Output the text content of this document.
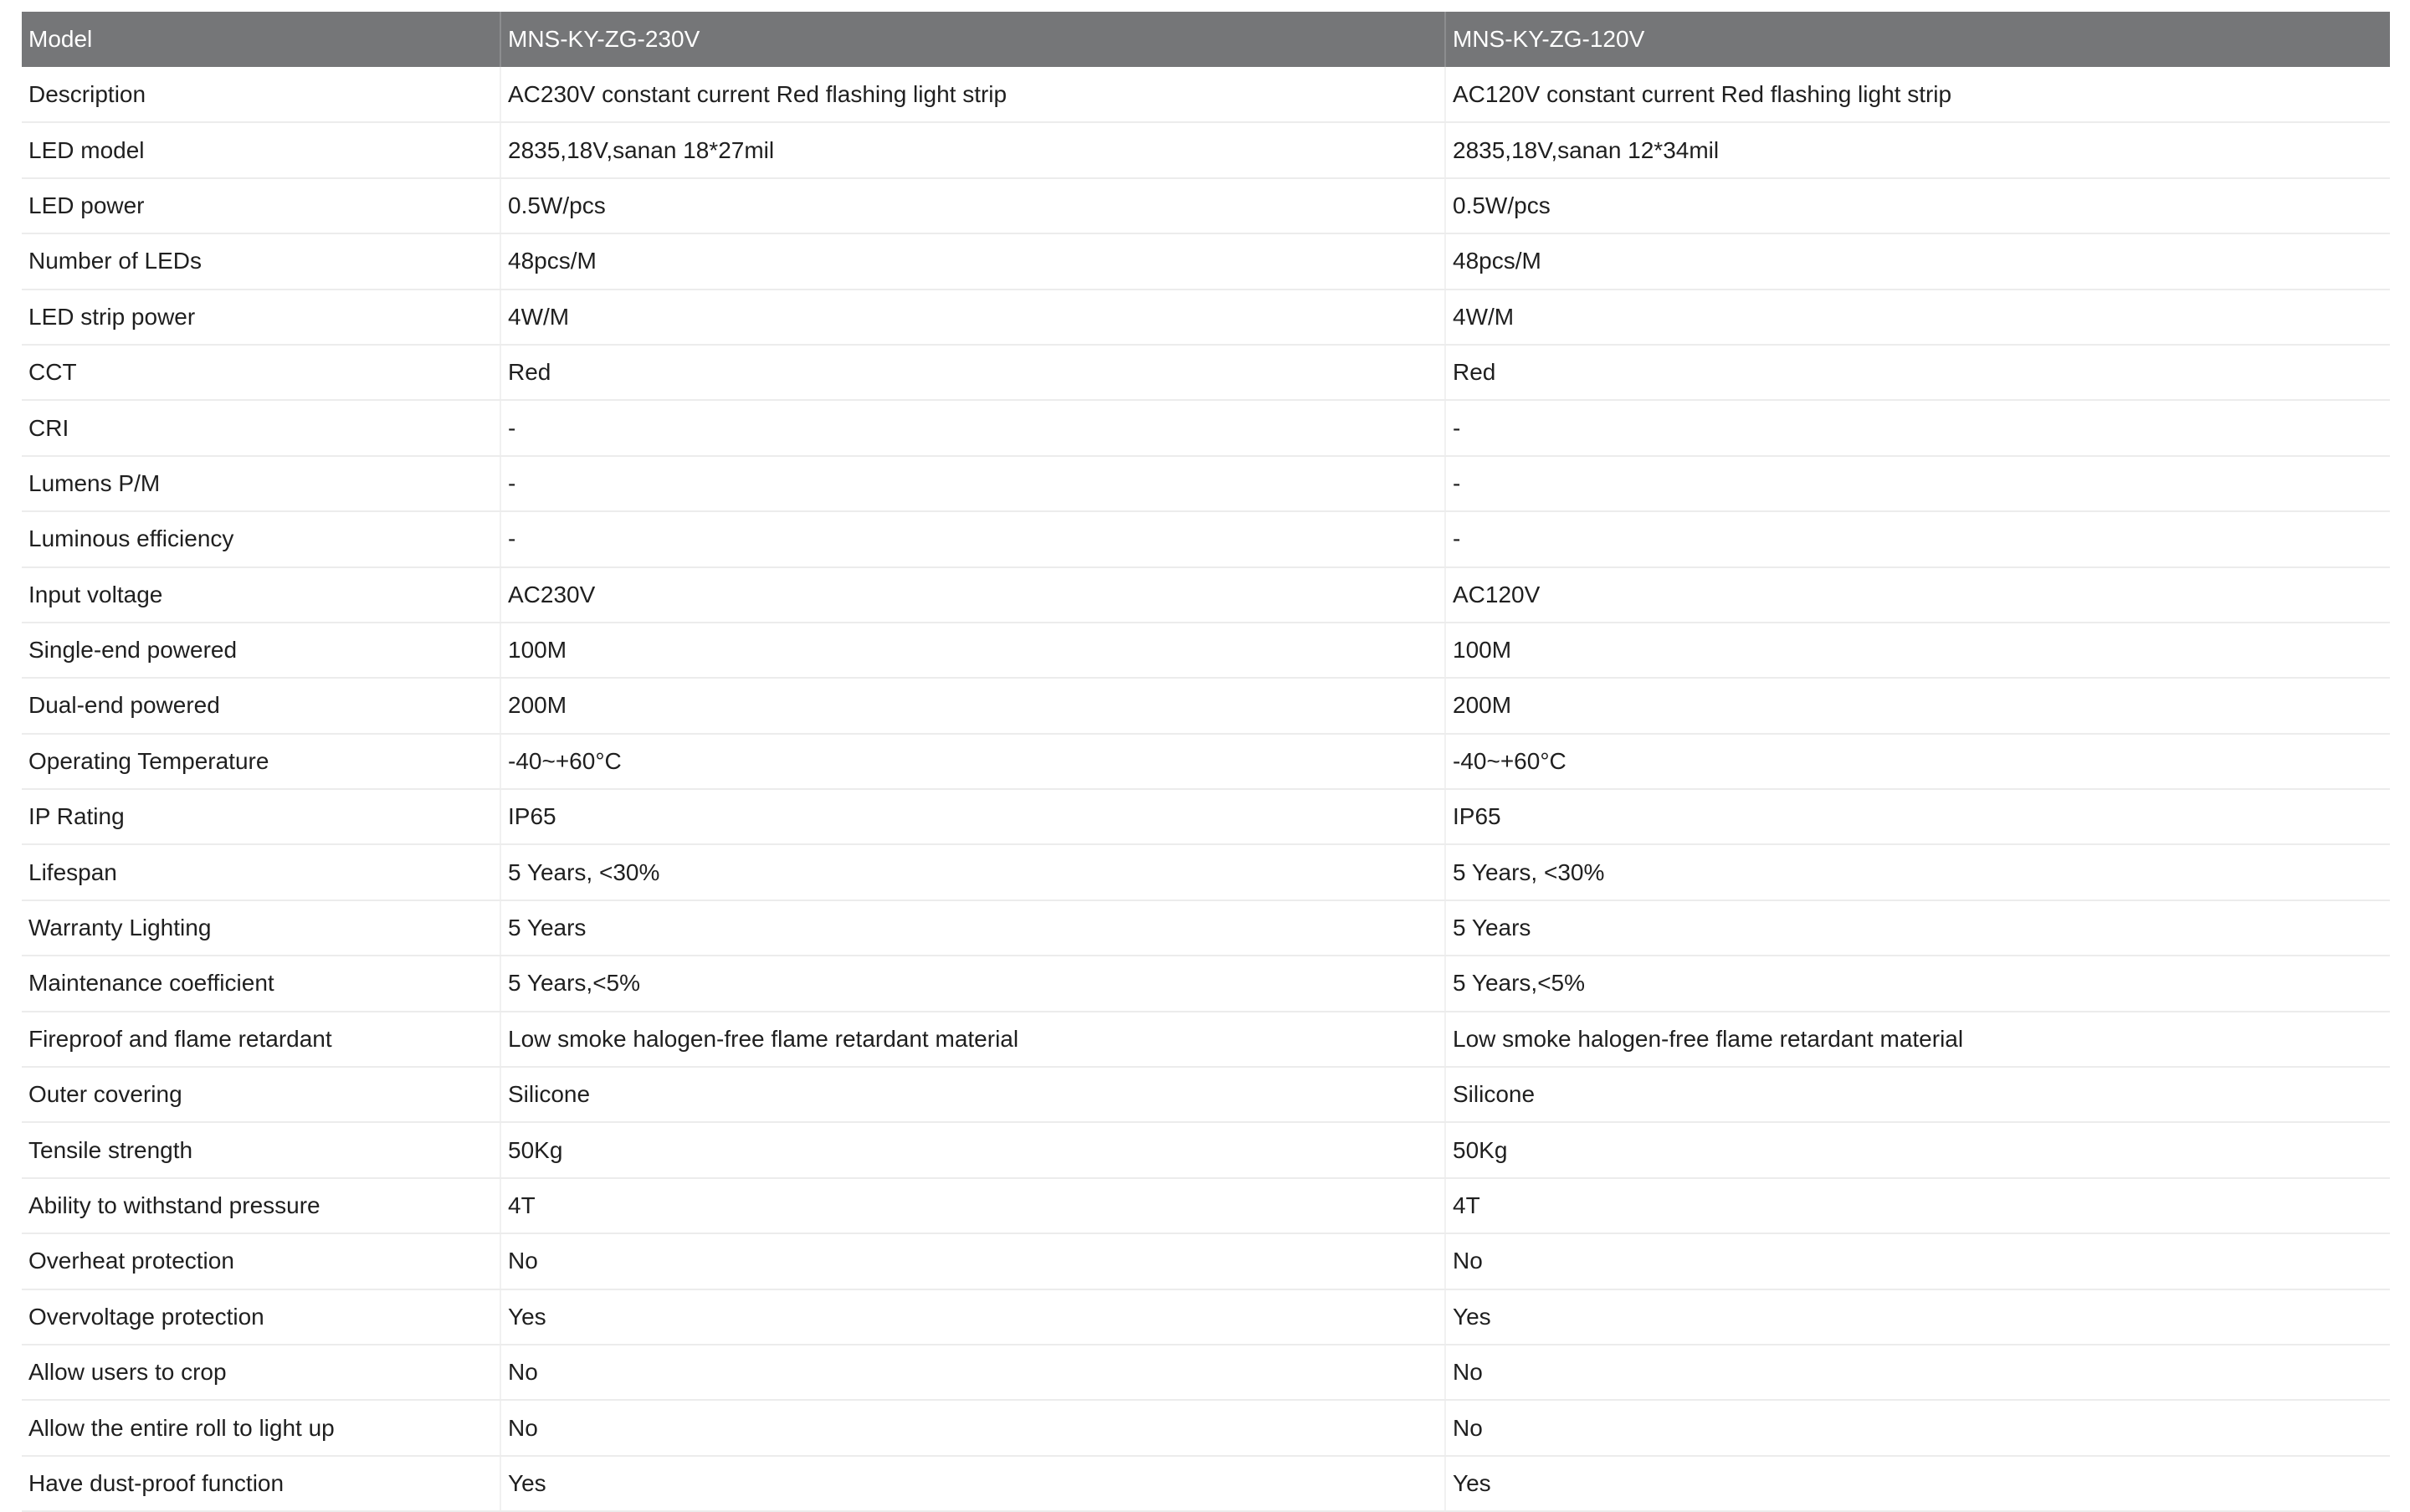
Model	MNS-KY-ZG-230V	MNS-KY-ZG-120V
Description	AC230V constant current Red flashing light strip	AC120V constant current Red flashing light strip
LED model	2835,18V,sanan 18*27mil	2835,18V,sanan 12*34mil
LED power	0.5W/pcs	0.5W/pcs
Number of LEDs	48pcs/M	48pcs/M
LED strip power	4W/M	4W/M
CCT	Red	Red
CRI	-	-
Lumens P/M	-	-
Luminous efficiency	-	-
Input voltage	AC230V	AC120V
Single-end powered	100M	100M
Dual-end powered	200M	200M
Operating Temperature	-40~+60°C	-40~+60°C
IP Rating	IP65	IP65
Lifespan	5 Years, <30%	5 Years, <30%
Warranty Lighting	5 Years	5 Years
Maintenance coefficient	5 Years,<5%	5 Years,<5%
Fireproof and flame retardant	Low smoke halogen-free flame retardant material	Low smoke halogen-free flame retardant material
Outer covering	Silicone	Silicone
Tensile strength	50Kg	50Kg
Ability to withstand pressure	4T	4T
Overheat protection	No	No
Overvoltage protection	Yes	Yes
Allow users to crop	No	No
Allow the entire roll to light up	No	No
Have dust-proof function	Yes	Yes
